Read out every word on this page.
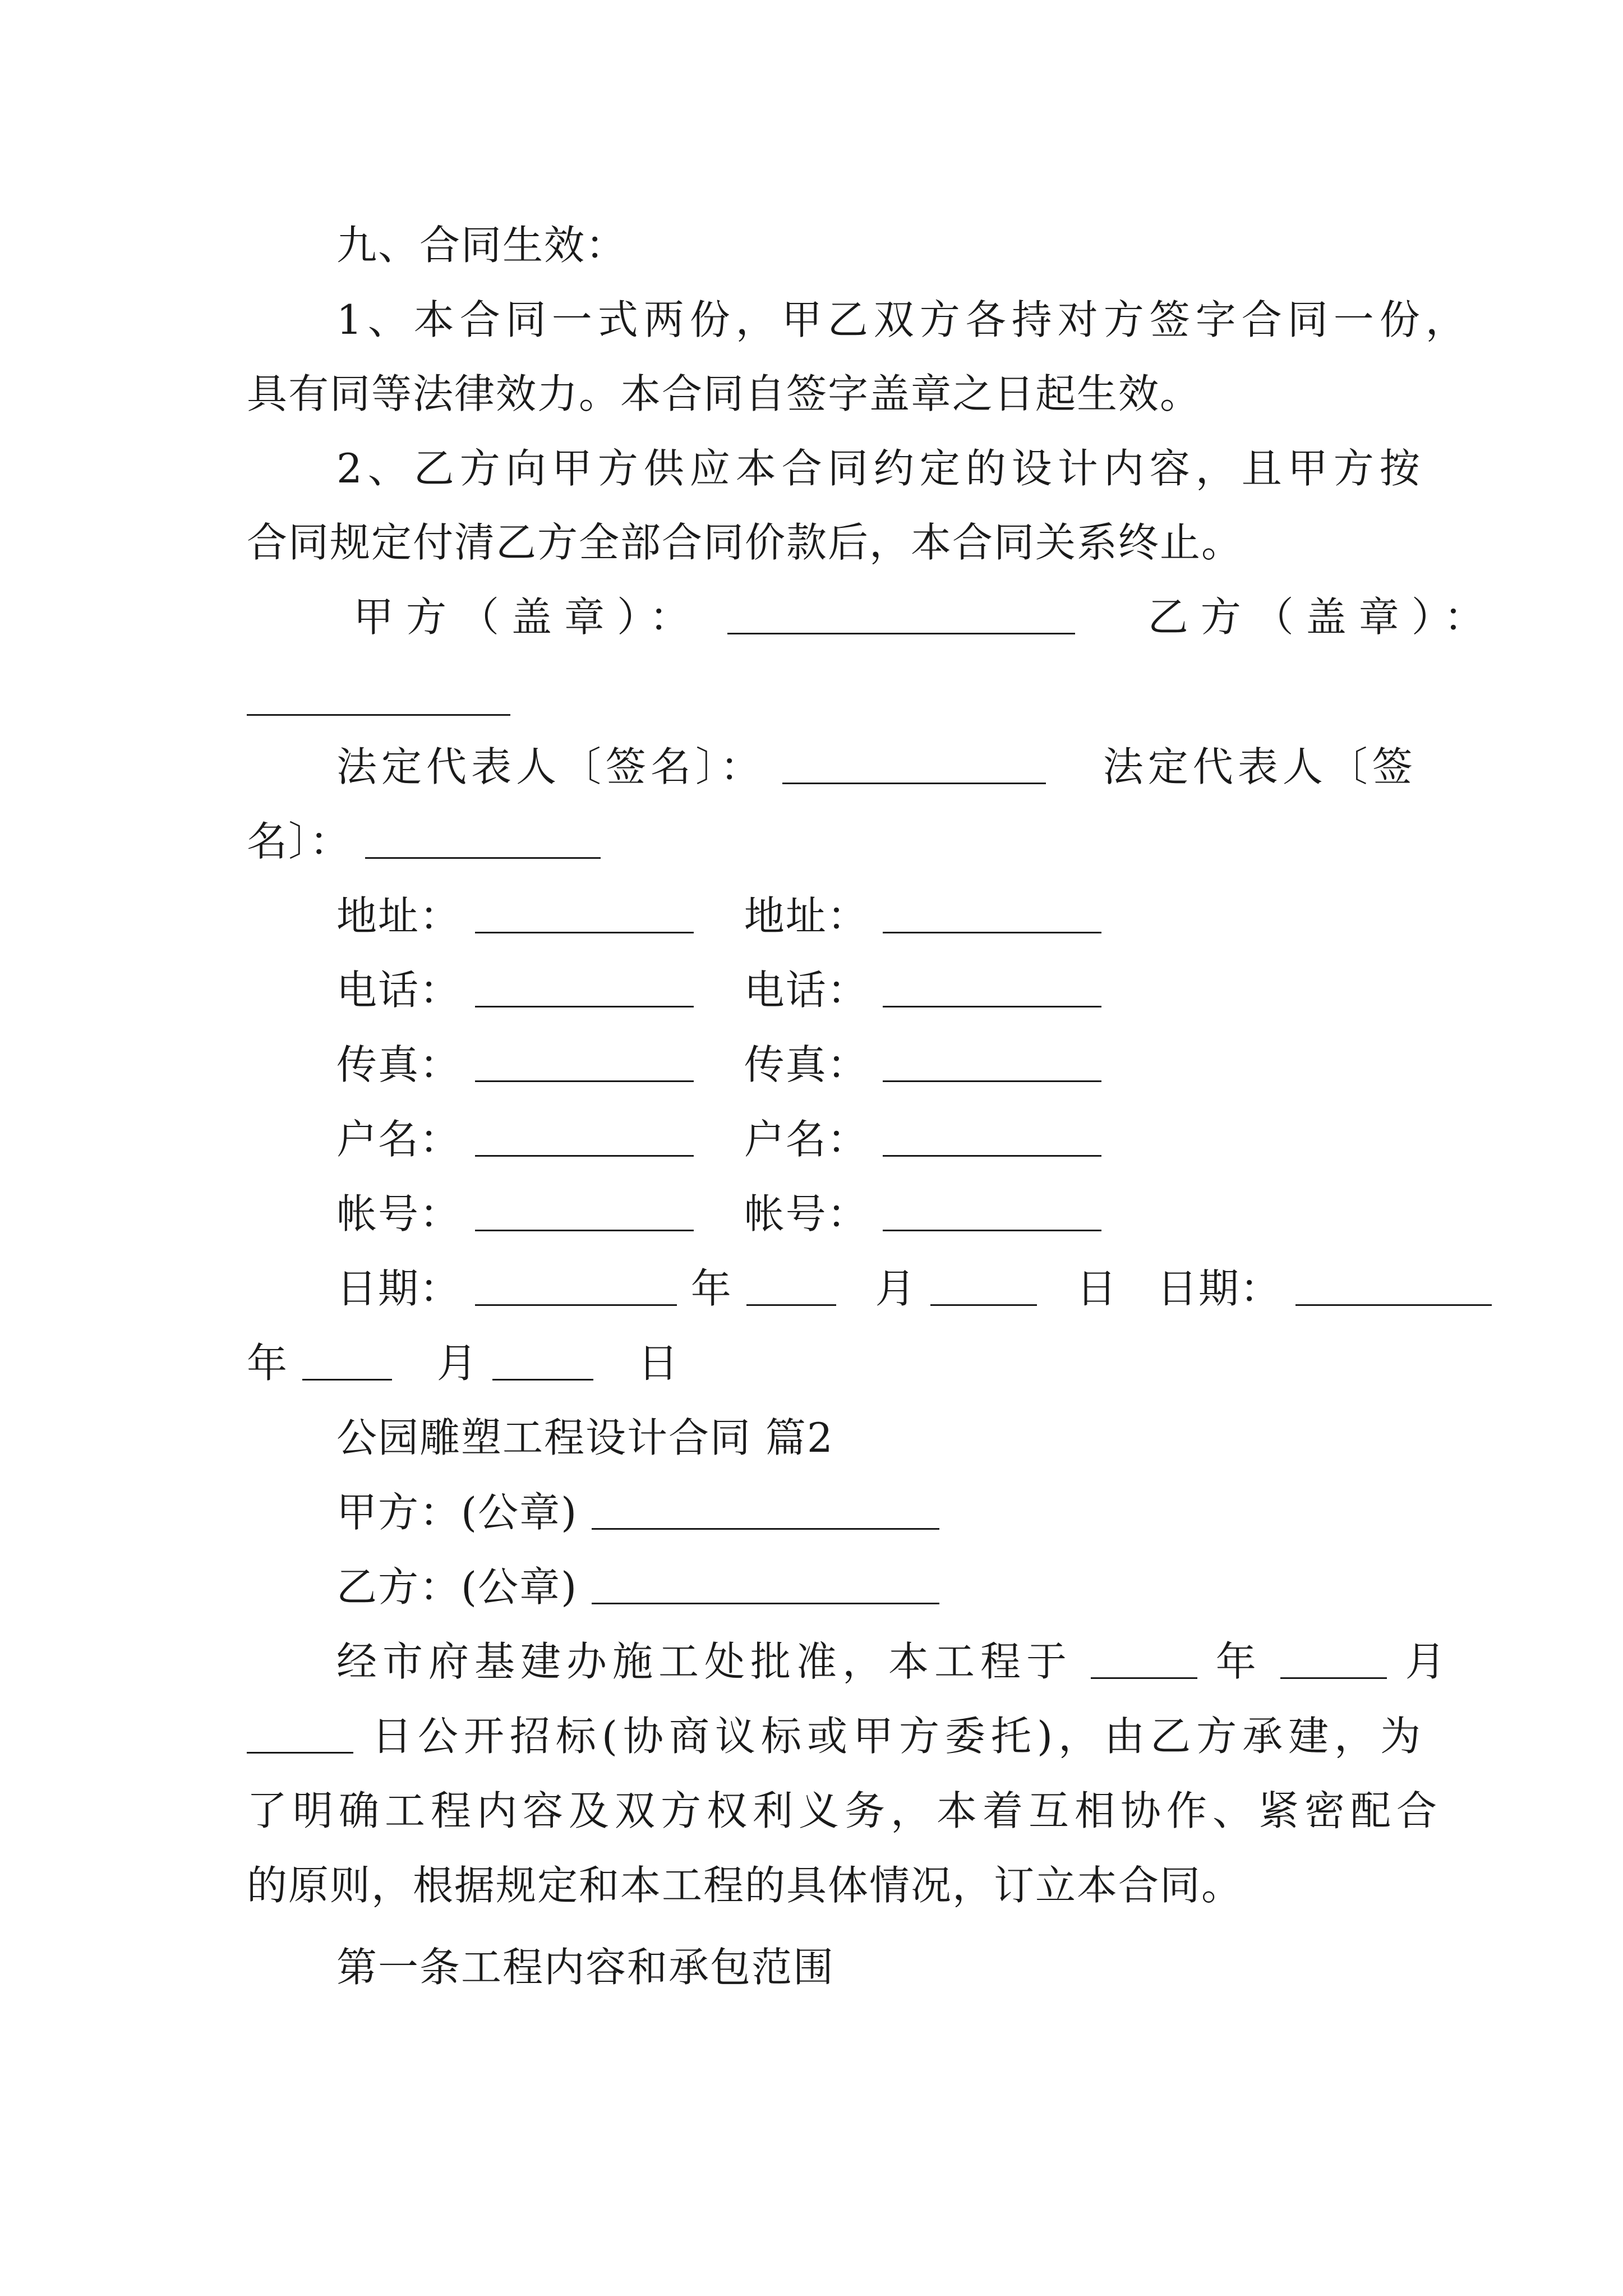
九、合同生效：
1、本合同一式两份，甲乙双方各持对方签字合同一份，
具有同等法律效力。本合同自签字盖章之日起生效。
2、乙方向甲方供应本合同约定的设计内容，且甲方按
合同规定付清乙方全部合同价款后，本合同关系终止。
甲方（盖章）：	乙方（盖章）：
法定代表人〔签名〕：	法定代表人〔签
名〕：
地址：	地址：
电话：	电话：
传真：	传真：
户名：	户名：
帐号：	帐号：
日期：	年	月	日 日期：
年	月	日
公园雕塑工程设计合同 篇2
甲方：(公章)
乙方：(公章)
经市府基建办施工处批准，本工程于	年	月
日公开招标(协商议标或甲方委托)，由乙方承建，为
了明确工程内容及双方权利义务，本着互相协作、紧密配合
的原则，根据规定和本工程的具体情况，订立本合同。
第一条工程内容和承包范围
